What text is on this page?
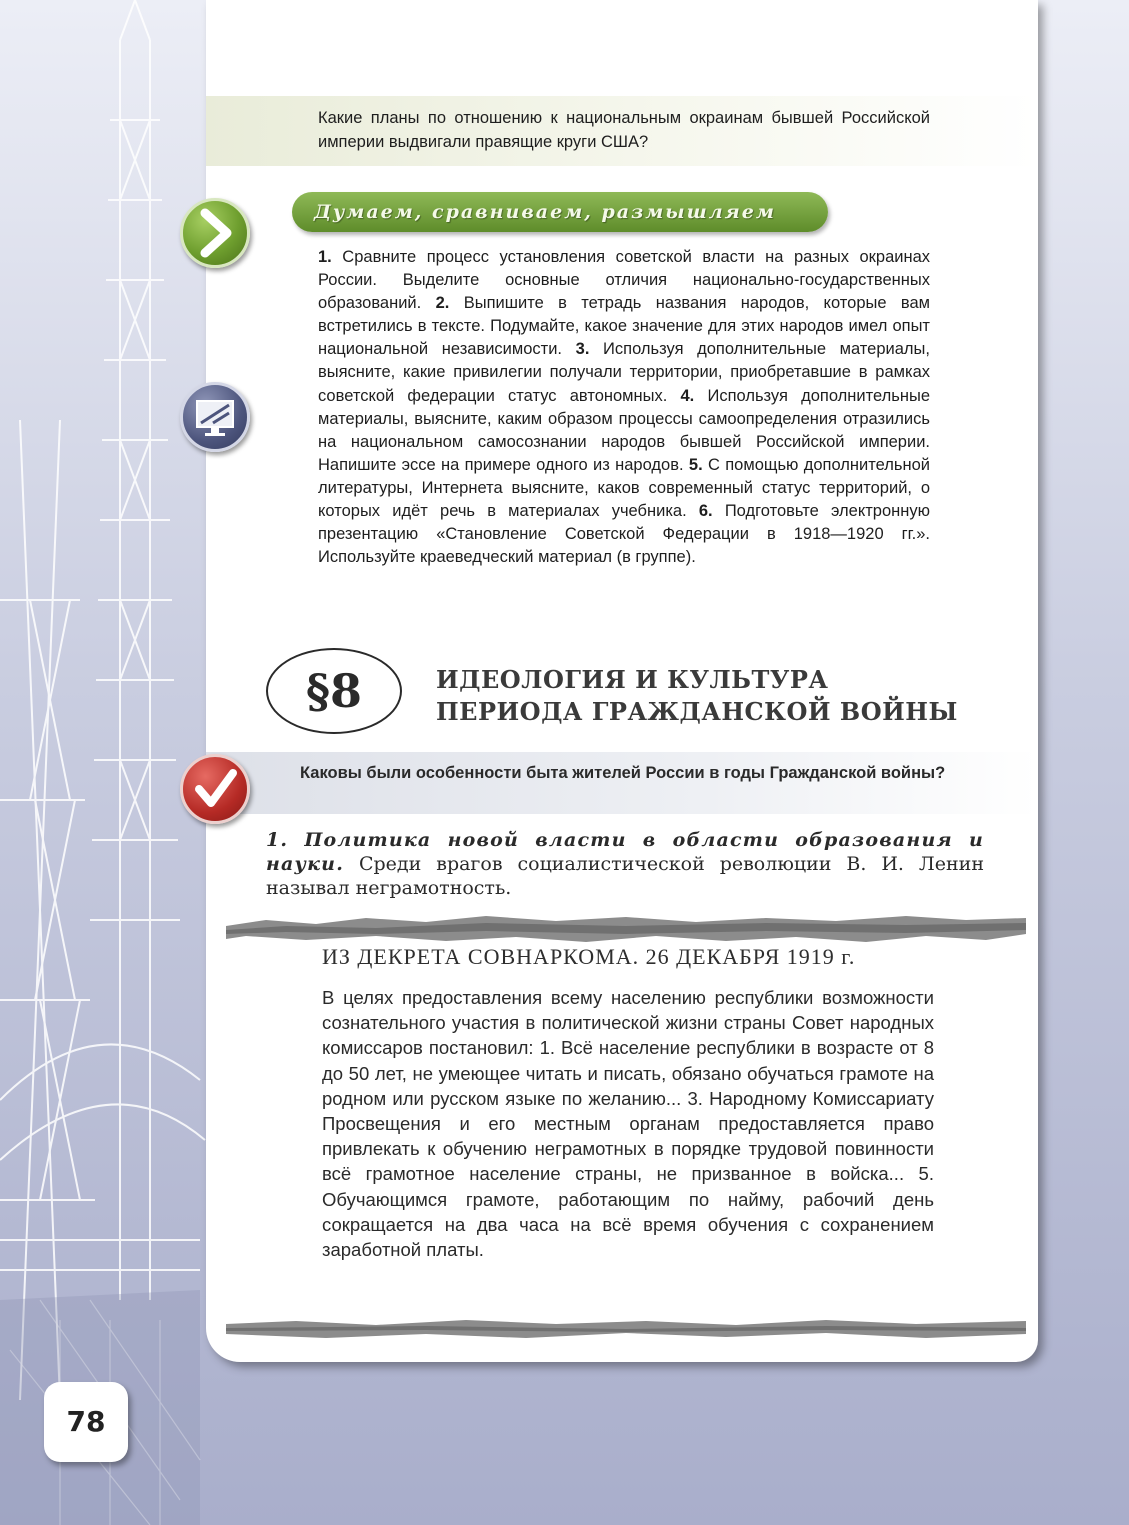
Какие планы по отношению к национальным окраинам бывшей Российской империи выдвигали правящие круги США?
Думаем, сравниваем, размышляем
1. Сравните процесс установления советской власти на разных окраинах России. Выделите основные отличия национально-государственных образований. 2. Выпишите в тетрадь названия народов, которые вам встретились в тексте. Подумайте, какое значение для этих народов имел опыт национальной независимости. 3. Используя дополнительные материалы, выясните, какие привилегии получали территории, приобретавшие в рамках советской федерации статус автономных. 4. Используя дополнительные материалы, выясните, каким образом процессы самоопределения отразились на национальном самосознании народов бывшей Российской империи. Напишите эссе на примере одного из народов. 5. С помощью дополнительной литературы, Интернета выясните, каков современный статус территорий, о которых идёт речь в материалах учебника. 6. Подготовьте электронную презентацию «Становление Советской Федерации в 1918—1920 гг.». Используйте краеведческий материал (в группе).
§8	ИДЕОЛОГИЯ И КУЛЬТУРА
ПЕРИОДА ГРАЖДАНСКОЙ ВОЙНЫ
Каковы были особенности быта жителей России в годы Гражданской войны?
1. Политика новой власти в области образования и науки. Среди врагов социалистической революции В. И. Ленин называл неграмотность.
ИЗ ДЕКРЕТА СОВНАРКОМА. 26 ДЕКАБРЯ 1919 г.
В целях предоставления всему населению республики возможности сознательного участия в политической жизни страны Совет народных комиссаров постановил: 1. Всё население республики в возрасте от 8 до 50 лет, не умеющее читать и писать, обязано обучаться грамоте на родном или русском языке по желанию... 3. Народному Комиссариату Просвещения и его местным органам предоставляется право привлекать к обучению неграмотных в порядке трудовой повинности всё грамотное население страны, не призванное в войска... 5. Обучающимся грамоте, работающим по найму, рабочий день сокращается на два часа на всё время обучения с сохранением заработной платы.
78
